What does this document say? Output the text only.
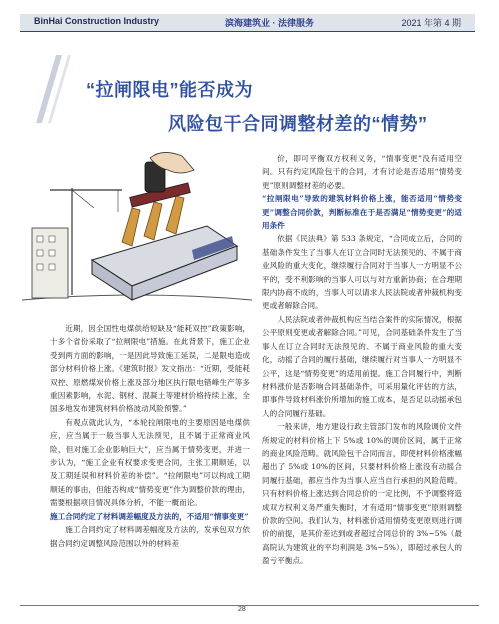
BinHai Construction Industry	滨海建筑业 · 法律服务	2021 年第 4 期
“拉闸限电”能否成为
风险包干合同调整材差的“情势”

近期，因全国性电煤供给短缺及“能耗双控”政策影响，十多个省份采取了“拉闸限电”措施。在此背景下，施工企业受到两方面的影响，一是因此导致施工延误，二是限电造成部分材料价格上涨。《建筑时报》发文指出：“近期，受能耗双控、原燃煤炭价格上涨及部分地区执行限电错峰生产等多重因素影响，水泥、钢材、混凝土等建材价格持续上涨，全国多地发布建筑材料价格波动风险预警。”

有观点就此认为，“本轮拉闸限电的主要原因是电煤供应，应当属于一般当事人无法预见，且不属于正常商业风险，但对施工企业影响巨大”，应当属于情势变更，并进一步认为，“施工企业有权要求变更合同，主张工期顺延，以及工期延误和材料价差的补偿”。“拉闸限电”可以构成工期顺延的事由，但能否构成“情势变更”作为调整价款的理由，需要根据项目情况具体分析，不能一概而论。

施工合同约定了材料调差幅度及方法的，不适用“情事变更”

施工合同约定了材料调差幅度及方法的，发承包双方依据合同约定调整风险范围以外的材料差

价，即可平衡双方权利义务，“情事变更”没有适用空间。只有约定风险包干的合同，才有讨论是否适用“情势变更”原则调整材差的必要。

“拉闸限电”导致的建筑材料价格上涨，能否适用“情势变更”调整合同价款，判断标准在于是否满足“情势变更”的适用条件

依据《民法典》第 533 条规定，“合同成立后，合同的基础条件发生了当事人在订立合同时无法预见的、不属于商业风险的重大变化，继续履行合同对于当事人一方明显不公平的，受不利影响的当事人可以与对方重新协商；在合理期限内协商不成的，当事人可以请求人民法院或者仲裁机构变更或者解除合同。

人民法院或者仲裁机构应当结合案件的实际情况，根据公平原则变更或者解除合同。”可见，合同基础条件发生了当事人在订立合同时无法预见的、不属于商业风险的重大变化，动摇了合同的履行基础，继续履行对当事人一方明显不公平，这是“情势变更”的适用前提。施工合同履行中，判断材料涨价是否影响合同基础条件，可采用量化评估的方法，即事件导致材料涨价所增加的施工成本，是否足以动摇承包人的合同履行基础。

一般来讲，地方建设行政主管部门发布的风险调价文件所规定的材料价格上下 5%或 10%的调价区间，属于正常的商业风险范畴。就风险包干合同而言，即使材料价格涨幅超出了 5%或 10%的区间，只要材料价格上涨没有动摇合同履行基础，都应当作为当事人应当自行承担的风险范畴。只有材料价格上涨达到合同总价的一定比例，不予调整将造成双方权利义务严重失衡时，才有适用“情事变更”原则调整价款的空间。我们认为，材料涨价适用情势变更原则进行调价的前提，是其价差达到或者超过合同总价的 3%~5%（最高院认为建筑业的平均利润是 3%~5%），即超过承包人的盈亏平衡点。

28
